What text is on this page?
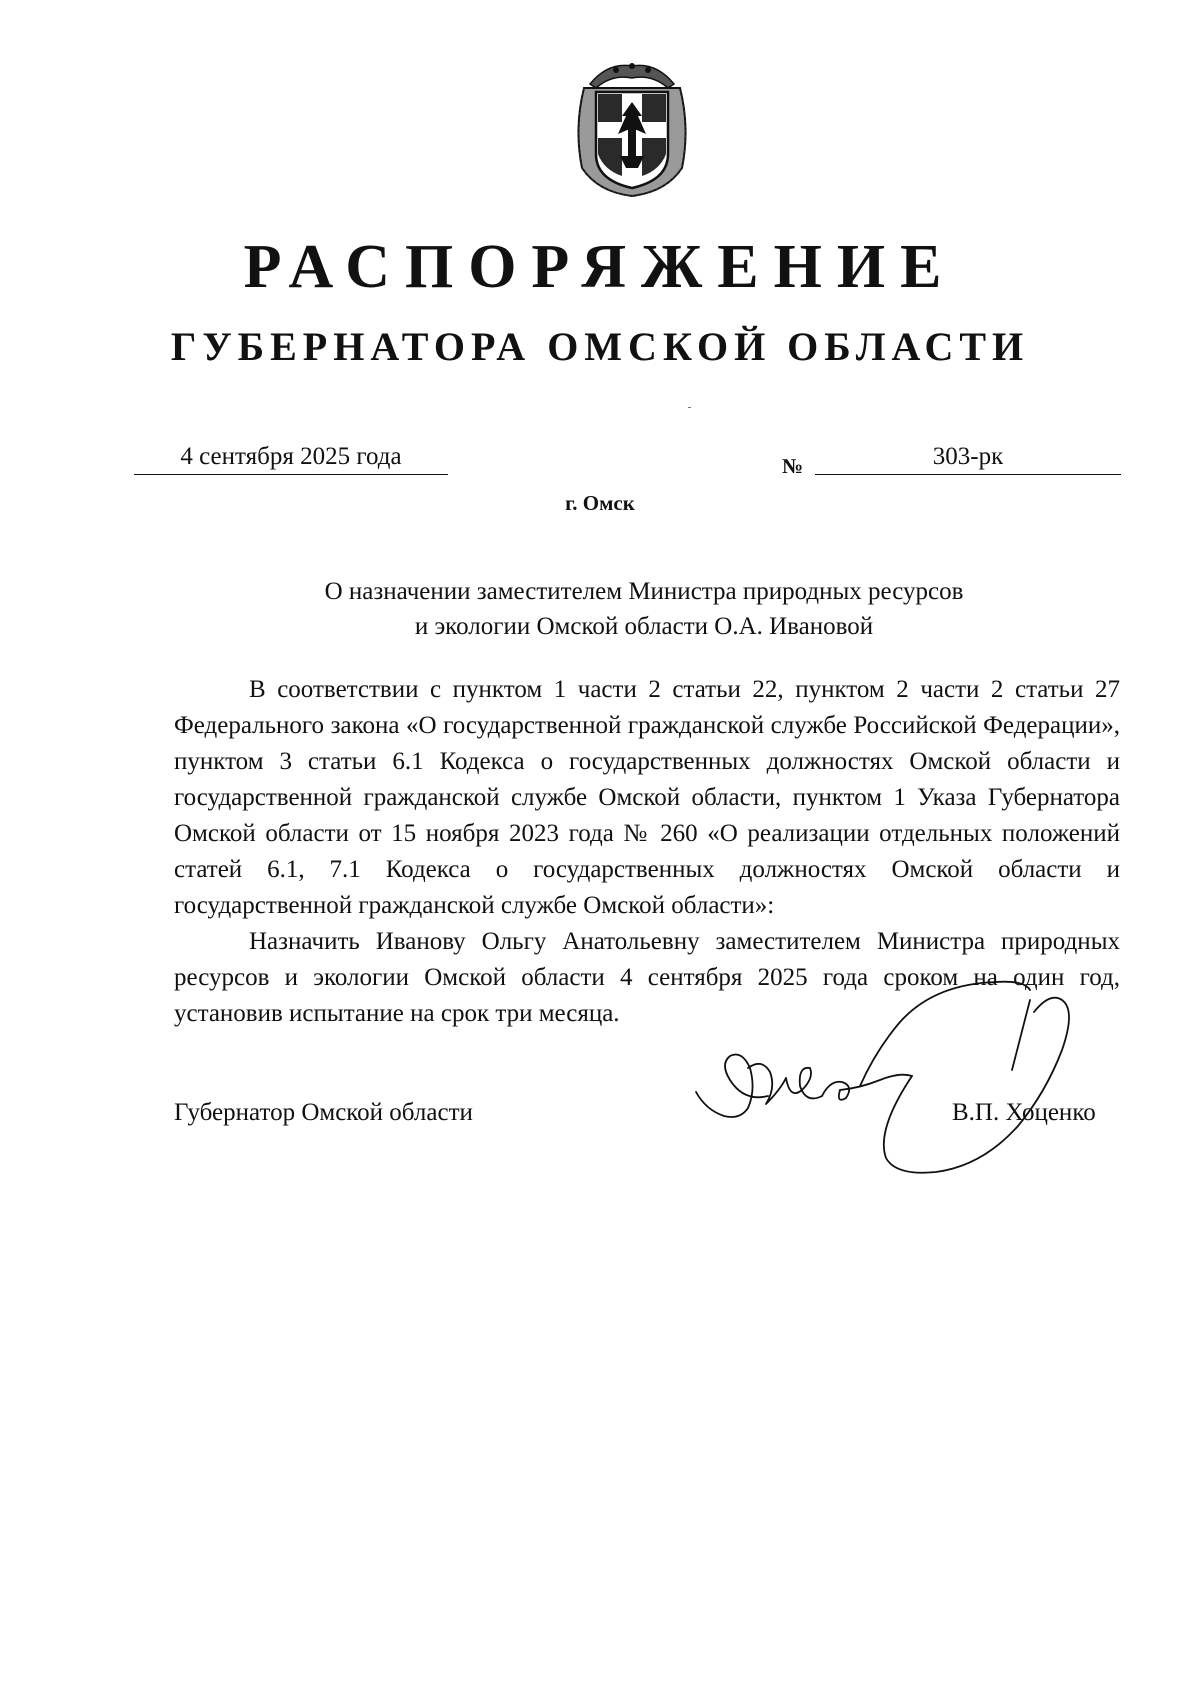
РАСПОРЯЖЕНИЕ
ГУБЕРНАТОРА ОМСКОЙ ОБЛАСТИ
4 сентября 2025 года	№	303-рк
г. Омск
О назначении заместителем Министра природных ресурсов
и экологии Омской области О.А. Ивановой

В соответствии с пунктом 1 части 2 статьи 22, пунктом 2 части 2 статьи 27 Федерального закона «О государственной гражданской службе Российской Федерации», пунктом 3 статьи 6.1 Кодекса о государственных должностях Омской области и государственной гражданской службе Омской области, пунктом 1 Указа Губернатора Омской области от 15 ноября 2023 года № 260 «О реализации отдельных положений статей 6.1, 7.1 Кодекса о государственных должностях Омской области и государственной гражданской службе Омской области»:

Назначить Иванову Ольгу Анатольевну заместителем Министра природных ресурсов и экологии Омской области 4 сентября 2025 года сроком на один год, установив испытание на срок три месяца.

Губернатор Омской области	В.П. Хоценко
